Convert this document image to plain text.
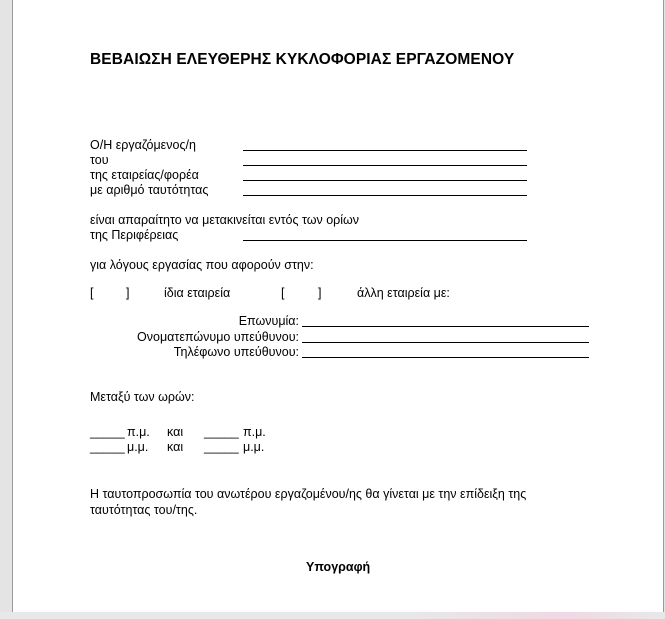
ΒΕΒΑΙΩΣΗ ΕΛΕΥΘΕΡΗΣ ΚΥΚΛΟΦΟΡΙΑΣ ΕΡΓΑΖΟΜΕΝΟΥ
Ο/Η εργαζόμενος/η
του
της εταιρείας/φορέα
με αριθμό ταυτότητας
είναι απαραίτητο να μετακινείται εντός των ορίων
της Περιφέρειας
για λόγους εργασίας που αφορούν στην:
[	]	ίδια εταιρεία	[	]	άλλη εταιρεία με:
Επωνυμία:
Ονοματεπώνυμο υπεύθυνου:
Τηλέφωνο υπεύθυνου:
Μεταξύ των ωρών:
_____ π.μ. και _____ π.μ.
_____ μ.μ. και _____ μ.μ.
Η ταυτοπροσωπία του ανωτέρου εργαζομένου/ης θα γίνεται με την επίδειξη της
ταυτότητας του/της.
Υπογραφή
